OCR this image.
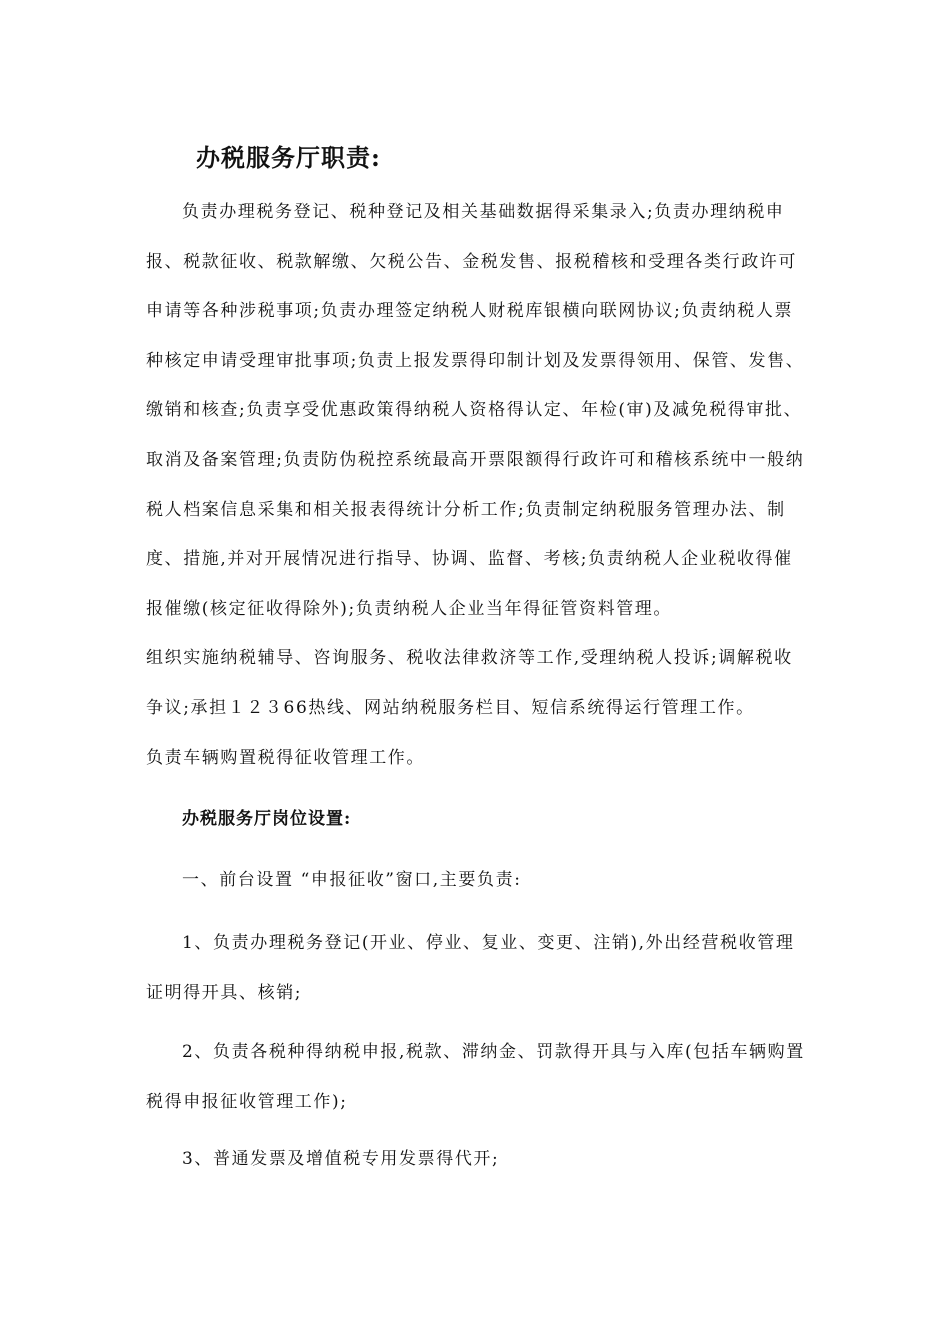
办税服务厅职责:

负责办理税务登记、税种登记及相关基础数据得采集录入;负责办理纳税申报、税款征收、税款解缴、欠税公告、金税发售、报税稽核和受理各类行政许可申请等各种涉税事项;负责办理签定纳税人财税库银横向联网协议;负责纳税人票种核定申请受理审批事项;负责上报发票得印制计划及发票得领用、保管、发售、缴销和核查;负责享受优惠政策得纳税人资格得认定、年检(审)及减免税得审批、取消及备案管理;负责防伪税控系统最高开票限额得行政许可和稽核系统中一般纳税人档案信息采集和相关报表得统计分析工作;负责制定纳税服务管理办法、制度、措施,并对开展情况进行指导、协调、监督、考核;负责纳税人企业税收得催报催缴(核定征收得除外);负责纳税人企业当年得征管资料管理。

组织实施纳税辅导、咨询服务、税收法律救济等工作,受理纳税人投诉;调解税收争议;承担１２３66热线、网站纳税服务栏目、短信系统得运行管理工作。

负责车辆购置税得征收管理工作。

办税服务厅岗位设置:

一、前台设置 “申报征收”窗口,主要负责:

1、负责办理税务登记(开业、停业、复业、变更、注销),外出经营税收管理证明得开具、核销;

2、负责各税种得纳税申报,税款、滞纳金、罚款得开具与入库(包括车辆购置税得申报征收管理工作);

3、普通发票及增值税专用发票得代开;
